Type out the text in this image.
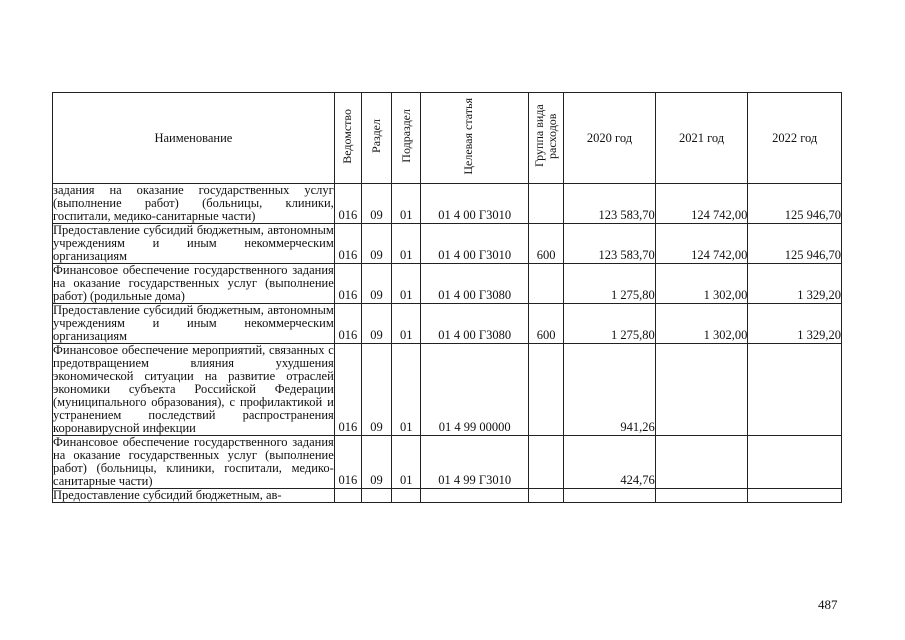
Наименование	Ведомство	Раздел	Подраздел	Целевая статья	Группа вида расходов	2020 год	2021 год	2022 год
задания на оказание государственных услуг (выполнение работ) (больницы, клиники, госпитали, медико-санитарные части)	016	09	01	01 4 00 Г3010		123 583,70	124 742,00	125 946,70
Предоставление субсидий бюджетным, автономным учреждениям и иным некоммерческим организациям	016	09	01	01 4 00 Г3010	600	123 583,70	124 742,00	125 946,70
Финансовое обеспечение государственного задания на оказание государственных услуг (выполнение работ) (родильные дома)	016	09	01	01 4 00 Г3080		1 275,80	1 302,00	1 329,20
Предоставление субсидий бюджетным, автономным учреждениям и иным некоммерческим организациям	016	09	01	01 4 00 Г3080	600	1 275,80	1 302,00	1 329,20
Финансовое обеспечение мероприятий, связанных с предотвращением влияния ухудшения экономической ситуации на развитие отраслей экономики субъекта Российской Федерации (муниципального образования), с профилактикой и устранением последствий распространения коронавирусной инфекции	016	09	01	01 4 99 00000		941,26		
Финансовое обеспечение государственного задания на оказание государственных услуг (выполнение работ) (больницы, клиники, госпитали, медико-санитарные части)	016	09	01	01 4 99 Г3010		424,76		
Предоставление субсидий бюджетным, ав-								
487
